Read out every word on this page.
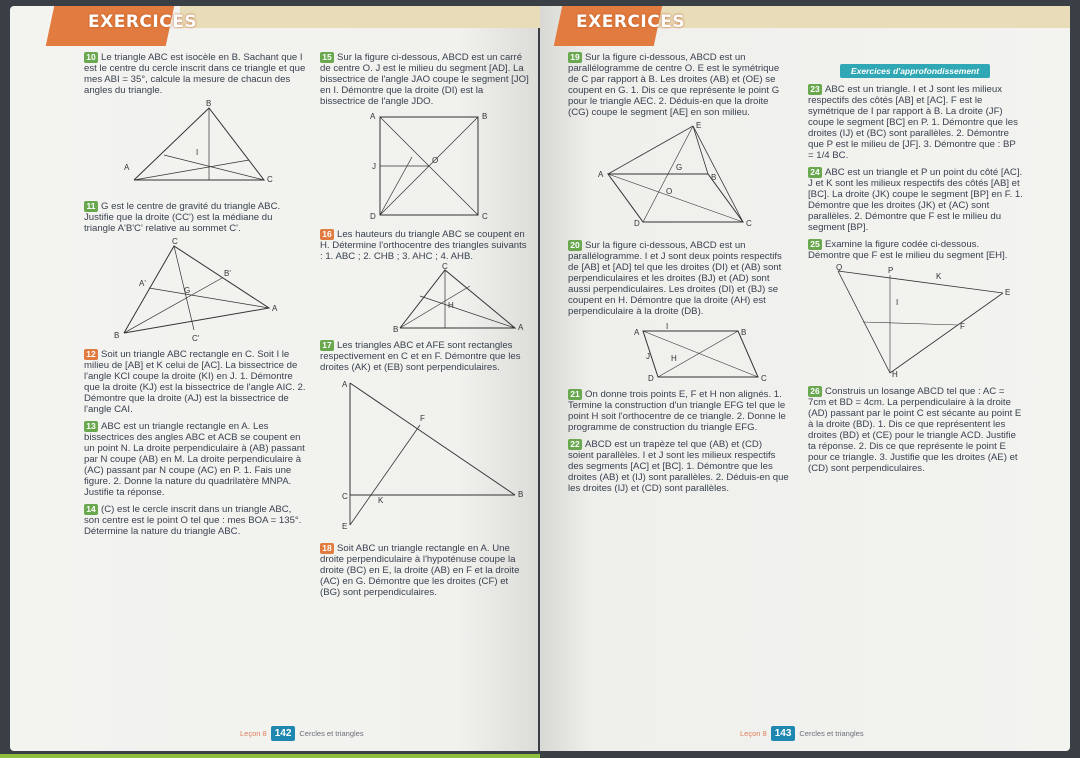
EXERCICES
10 Le triangle ABC est isocèle en B. Sachant que I est le centre du cercle inscrit dans ce triangle et que mes ABI = 35°, calcule la mesure de chacun des angles du triangle.
B
A
C
I
11 G est le centre de gravité du triangle ABC. Justifie que la droite (CC') est la médiane du triangle A'B'C' relative au sommet C'.
C
B
A
A'
B'
C'
G
12 Soit un triangle ABC rectangle en C. Soit I le milieu de [AB] et K celui de [AC]. La bissectrice de l'angle KCI coupe la droite (KI) en J. 1. Démontre que la droite (KJ) est la bissectrice de l'angle AIC. 2. Démontre que la droite (AJ) est la bissectrice de l'angle CAI.
13 ABC est un triangle rectangle en A. Les bissectrices des angles ABC et ACB se coupent en un point N. La droite perpendiculaire à (AB) passant par N coupe (AB) en M. La droite perpendiculaire à (AC) passant par N coupe (AC) en P. 1. Fais une figure. 2. Donne la nature du quadrilatère MNPA. Justifie ta réponse.
14 (C) est le cercle inscrit dans un triangle ABC, son centre est le point O tel que : mes BOA = 135°. Détermine la nature du triangle ABC.
15 Sur la figure ci-dessous, ABCD est un carré de centre O. J est le milieu du segment [AD]. La bissectrice de l'angle JAO coupe le segment [JO] en I. Démontre que la droite (DI) est la bissectrice de l'angle JDO.
A	B
D	C
O
J
16 Les hauteurs du triangle ABC se coupent en H. Détermine l'orthocentre des triangles suivants : 1. ABC ; 2. CHB ; 3. AHC ; 4. AHB.
B	A
C
H
17 Les triangles ABC et AFE sont rectangles respectivement en C et en F. Démontre que les droites (AK) et (EB) sont perpendiculaires.
A
B
C
E
F
K
18 Soit ABC un triangle rectangle en A. Une droite perpendiculaire à l'hypoténuse coupe la droite (BC) en E, la droite (AB) en F et la droite (AC) en G. Démontre que les droites (CF) et (BG) sont perpendiculaires.
Leçon 8 142	Cercles et triangles
EXERCICES
Exercices d'approfondissement
19 Sur la figure ci-dessous, ABCD est un parallélogramme de centre O. E est le symétrique de C par rapport à B. Les droites (AB) et (OE) se coupent en G. 1. Dis ce que représente le point G pour le triangle AEC. 2. Déduis-en que la droite (CG) coupe le segment [AE] en son milieu.
A	B
C
D
E
G
O
20 Sur la figure ci-dessous, ABCD est un parallélogramme. I et J sont deux points respectifs de [AB] et [AD] tel que les droites (DI) et (AB) sont perpendiculaires et les droites (BJ) et (AD) sont aussi perpendiculaires. Les droites (DI) et (BJ) se coupent en H. Démontre que la droite (AH) est perpendiculaire à la droite (DB).
A	B
C
D
I
J	H
21 On donne trois points E, F et H non alignés. 1. Termine la construction d'un triangle EFG tel que le point H soit l'orthocentre de ce triangle. 2. Donne le programme de construction du triangle EFG.
22 ABCD est un trapèze tel que (AB) et (CD) soient parallèles. I et J sont les milieux respectifs des segments [AC] et [BC]. 1. Démontre que les droites (AB) et (IJ) sont parallèles. 2. Déduis-en que les droites (IJ) et (CD) sont parallèles.
23 ABC est un triangle. I et J sont les milieux respectifs des côtés [AB] et [AC]. F est le symétrique de I par rapport à B. La droite (JF) coupe le segment [BC] en P. 1. Démontre que les droites (IJ) et (BC) sont parallèles. 2. Démontre que P est le milieu de [JF]. 3. Démontre que : BP = 1/4 BC.
24 ABC est un triangle et P un point du côté [AC]. J et K sont les milieux respectifs des côtés [AB] et [BC]. La droite (JK) coupe le segment [BP] en F. 1. Démontre que les droites (JK) et (AC) sont parallèles. 2. Démontre que F est le milieu du segment [BP].
25 Examine la figure codée ci-dessous. Démontre que F est le milieu du segment [EH].
Q	P
K
E
H
F
I
26 Construis un losange ABCD tel que : AC = 7cm et BD = 4cm. La perpendiculaire à la droite (AD) passant par le point C est sécante au point E à la droite (BD). 1. Dis ce que représentent les droites (BD) et (CE) pour le triangle ACD. Justifie ta réponse. 2. Dis ce que représente le point E pour ce triangle. 3. Justifie que les droites (AE) et (CD) sont perpendiculaires.
Leçon 8 143	Cercles et triangles
